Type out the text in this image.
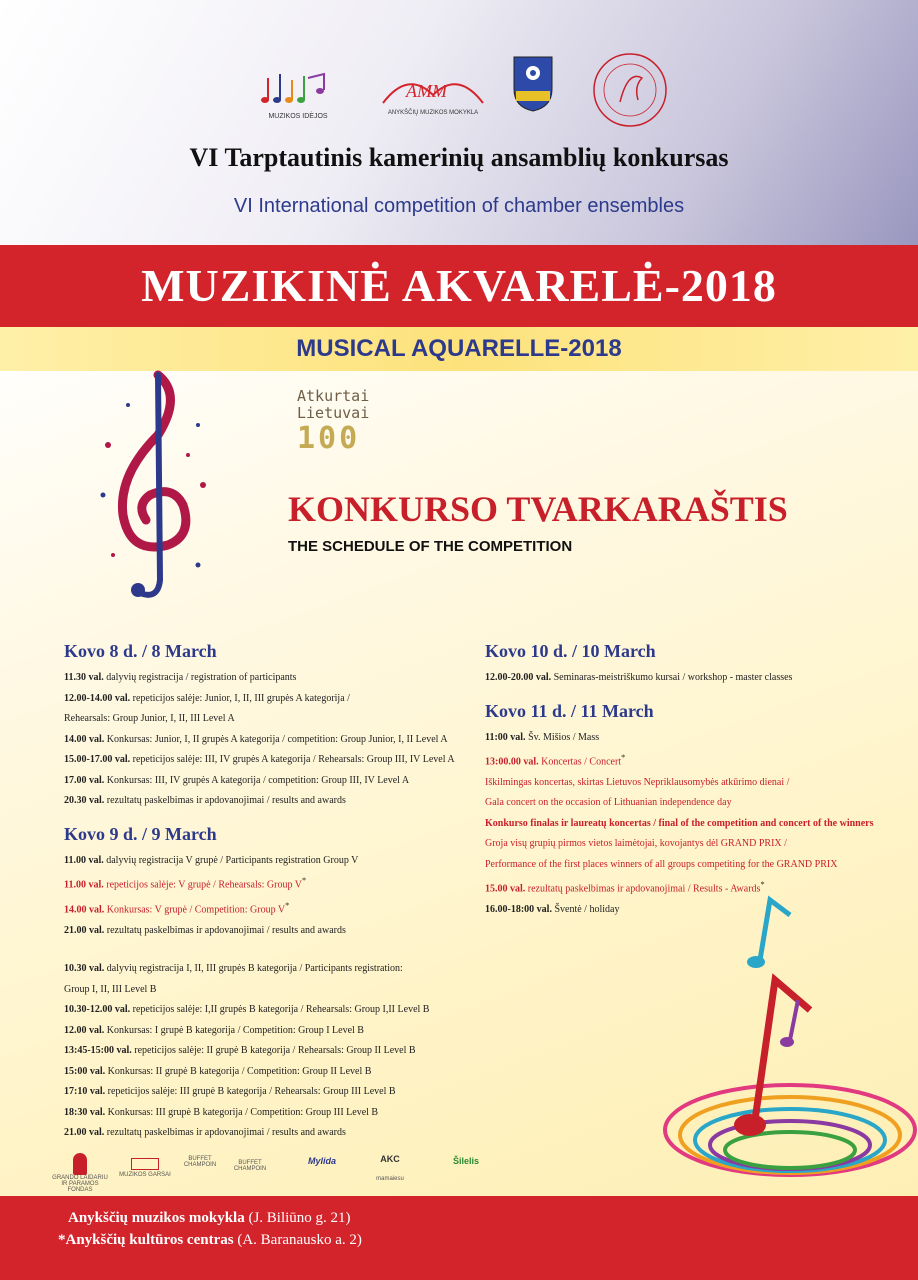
MUZIKOS IDĖJOS
AMM
ANYKŠČIŲ MUZIKOS MOKYKLA
VI Tarptautinis kamerinių ansamblių konkursas
VI International competition of chamber ensembles
MUZIKINĖ AKVARELĖ-2018
MUSICAL AQUARELLE-2018
Atkurtai
Lietuvai
100
KONKURSO TVARKARAŠTIS
THE SCHEDULE OF THE COMPETITION
Kovo 8 d. / 8 March
11.30 val. dalyvių registracija / registration of participants
12.00-14.00 val. repeticijos salėje: Junior, I, II, III grupės A kategorija /
Rehearsals: Group Junior, I, II, III Level A
14.00 val. Konkursas: Junior, I, II grupės A kategorija / competition: Group Junior, I, II Level A
15.00-17.00 val. repeticijos salėje: III, IV grupės A kategorija / Rehearsals: Group III, IV Level A
17.00 val. Konkursas: III, IV grupės A kategorija / competition: Group III, IV Level A
20.30 val. rezultatų paskelbimas ir apdovanojimai / results and awards
Kovo 9 d. / 9 March
11.00 val. dalyvių registracija V grupė / Participants registration Group V
11.00 val. repeticijos salėje: V grupė / Rehearsals: Group V*
14.00 val. Konkursas: V grupė / Competition: Group V*
21.00 val. rezultatų paskelbimas ir apdovanojimai / results and awards
10.30 val. dalyvių registracija I, II, III grupės B kategorija / Participants registration:
Group I, II, III Level B
10.30-12.00 val. repeticijos salėje: I,II grupės B kategorija / Rehearsals: Group I,II Level B
12.00 val. Konkursas: I grupė B kategorija / Competition: Group I Level B
13:45-15:00 val. repeticijos salėje: II grupė B kategorija / Rehearsals: Group II Level B
15:00 val. Konkursas: II grupė B kategorija / Competition: Group II Level B
17:10 val. repeticijos salėje: III grupė B kategorija / Rehearsals: Group III Level B
18:30 val. Konkursas: III grupė B kategorija / Competition: Group III Level B
21.00 val. rezultatų paskelbimas ir apdovanojimai / results and awards
Kovo 10 d. / 10 March
12.00-20.00 val. Seminaras-meistriškumo kursai / workshop - master classes
Kovo 11 d. / 11 March
11:00 val. Šv. Mišios / Mass
13:00.00 val. Koncertas / Concert*
Iškilmingas koncertas, skirtas Lietuvos Nepriklausomybės atkūrimo dienai /
Gala concert on the occasion of Lithuanian independence day
Konkurso finalas ir laureatų koncertas / final of the competition and concert of the winners
Groja visų grupių pirmos vietos laimėtojai, kovojantys dėl GRAND PRIX /
Performance of the first places winners of all groups competiting for the GRAND PRIX
15.00 val. rezultatų paskelbimas ir apdovanojimai / Results - Awards*
16.00-18:00 val. Šventė / holiday
GRANDO LAIDARIU IR PARAMOS FONDAS
MUZIKOS GARSAI
BUFFET CHAMPOIN	BUFFET CHAMPOIN
Mylida	AKC
mamaiesu
Šilelis
Anykščių muzikos mokykla (J. Biliūno g. 21)
*Anykščių kultūros centras (A. Baranausko a. 2)
